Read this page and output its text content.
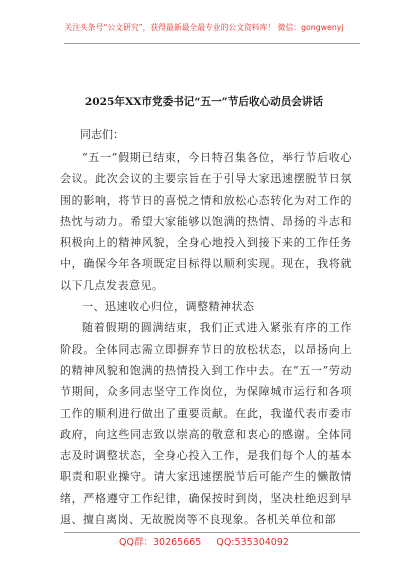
关注头条号“公文研究”，获得最新最全最专业的公文资料库！ 微信：gongwenyj
2025年XX市党委书记“五一”节后收心动员会讲话
同志们：

“五一”假期已结束，今日特召集各位，举行节后收心会议。此次会议的主要宗旨在于引导大家迅速摆脱节日氛围的影响，将节日的喜悦之情和放松心态转化为对工作的热忱与动力。希望大家能够以饱满的热情、昂扬的斗志和积极向上的精神风貌，全身心地投入到接下来的工作任务中，确保今年各项既定目标得以顺利实现。现在，我将就以下几点发表意见。

一、迅速收心归位，调整精神状态

随着假期的圆满结束，我们正式进入紧张有序的工作阶段。全体同志需立即摒弃节日的放松状态，以昂扬向上的精神风貌和饱满的热情投入到工作中去。在“五一”劳动节期间，众多同志坚守工作岗位，为保障城市运行和各项工作的顺利进行做出了重要贡献。在此，我谨代表市委市政府，向这些同志致以崇高的敬意和衷心的感谢。全体同志及时调整状态，全身心投入工作，是我们每个人的基本职责和职业操守。请大家迅速摆脱节后可能产生的懒散情绪，严格遵守工作纪律，确保按时到岗，坚决杜绝迟到早退、擅自离岗、无故脱岗等不良现象。各机关单位和部

QQ群：30265665 QQ:535304092
